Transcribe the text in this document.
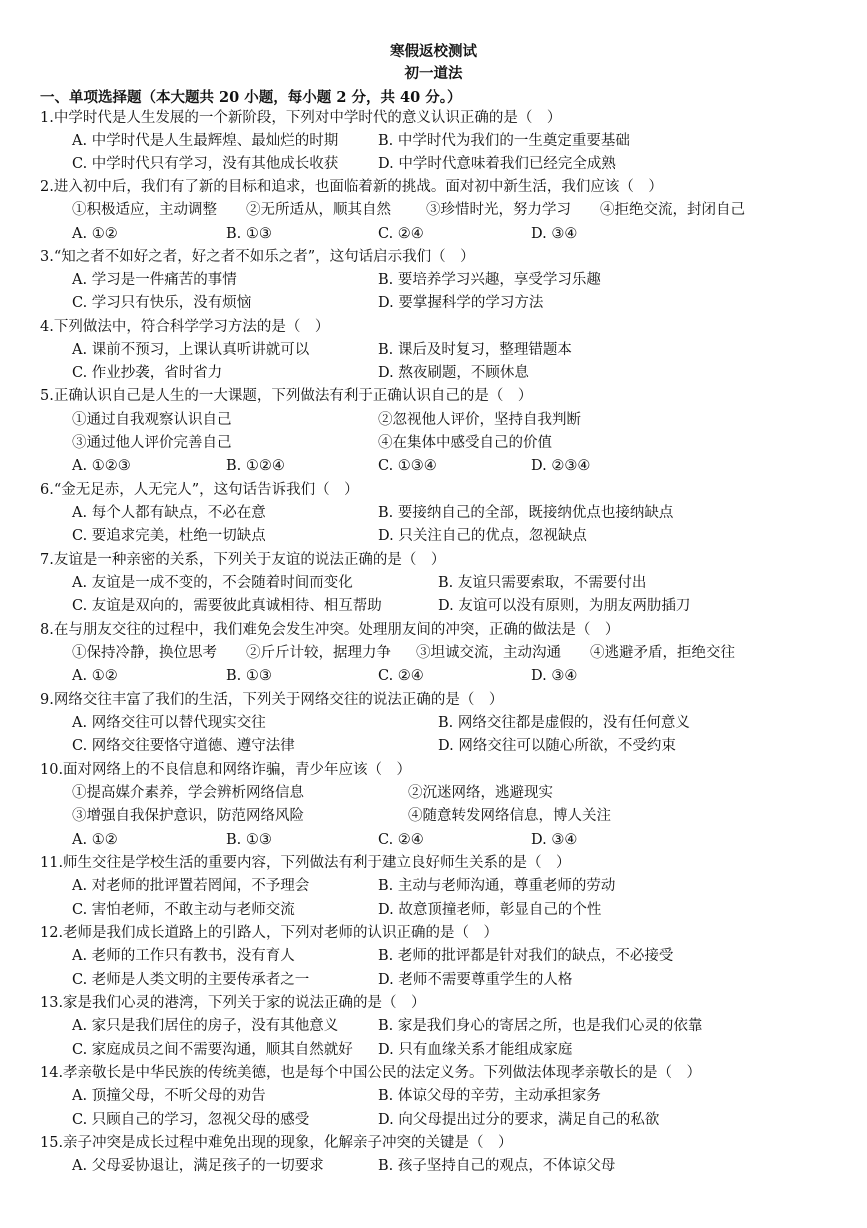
寒假返校测试
初一道法
一、单项选择题（本大题共 20 小题，每小题 2 分，共 40 分。）
1.中学时代是人生发展的一个新阶段，下列对中学时代的意义认识正确的是（　）
A. 中学时代是人生最辉煌、最灿烂的时期	B. 中学时代为我们的一生奠定重要基础
C. 中学时代只有学习，没有其他成长收获	D. 中学时代意味着我们已经完全成熟
2.进入初中后，我们有了新的目标和追求，也面临着新的挑战。面对初中新生活，我们应该（　）
①积极适应，主动调整 ②无所适从，顺其自然 ③珍惜时光，努力学习 ④拒绝交流，封闭自己
A. ①②	B. ①③	C. ②④	D. ③④
3.“知之者不如好之者，好之者不如乐之者”，这句话启示我们（　）
A. 学习是一件痛苦的事情	B. 要培养学习兴趣，享受学习乐趣
C. 学习只有快乐，没有烦恼	D. 要掌握科学的学习方法
4.下列做法中，符合科学学习方法的是（　）
A. 课前不预习，上课认真听讲就可以	B. 课后及时复习，整理错题本
C. 作业抄袭，省时省力	D. 熬夜刷题，不顾休息
5.正确认识自己是人生的一大课题，下列做法有利于正确认识自己的是（　）
①通过自我观察认识自己	②忽视他人评价，坚持自我判断
③通过他人评价完善自己	④在集体中感受自己的价值
A. ①②③	B. ①②④	C. ①③④	D. ②③④
6.“金无足赤，人无完人”，这句话告诉我们（　）
A. 每个人都有缺点，不必在意	B. 要接纳自己的全部，既接纳优点也接纳缺点
C. 要追求完美，杜绝一切缺点	D. 只关注自己的优点，忽视缺点
7.友谊是一种亲密的关系，下列关于友谊的说法正确的是（　）
A. 友谊是一成不变的，不会随着时间而变化	B. 友谊只需要索取，不需要付出
C. 友谊是双向的，需要彼此真诚相待、相互帮助	D. 友谊可以没有原则，为朋友两肋插刀
8.在与朋友交往的过程中，我们难免会发生冲突。处理朋友间的冲突，正确的做法是（　）
①保持冷静，换位思考 ②斤斤计较，据理力争 ③坦诚交流，主动沟通 ④逃避矛盾，拒绝交往
A. ①②	B. ①③	C. ②④	D. ③④
9.网络交往丰富了我们的生活，下列关于网络交往的说法正确的是（　）
A. 网络交往可以替代现实交往	B. 网络交往都是虚假的，没有任何意义
C. 网络交往要恪守道德、遵守法律	D. 网络交往可以随心所欲，不受约束
10.面对网络上的不良信息和网络诈骗，青少年应该（　）
①提高媒介素养，学会辨析网络信息	②沉迷网络，逃避现实
③增强自我保护意识，防范网络风险	④随意转发网络信息，博人关注
A. ①②	B. ①③	C. ②④	D. ③④
11.师生交往是学校生活的重要内容，下列做法有利于建立良好师生关系的是（　）
A. 对老师的批评置若罔闻，不予理会	B. 主动与老师沟通，尊重老师的劳动
C. 害怕老师，不敢主动与老师交流	D. 故意顶撞老师，彰显自己的个性
12.老师是我们成长道路上的引路人，下列对老师的认识正确的是（　）
A. 老师的工作只有教书，没有育人	B. 老师的批评都是针对我们的缺点，不必接受
C. 老师是人类文明的主要传承者之一	D. 老师不需要尊重学生的人格
13.家是我们心灵的港湾，下列关于家的说法正确的是（　）
A. 家只是我们居住的房子，没有其他意义	B. 家是我们身心的寄居之所，也是我们心灵的依靠
C. 家庭成员之间不需要沟通，顺其自然就好 D. 只有血缘关系才能组成家庭
14.孝亲敬长是中华民族的传统美德，也是每个中国公民的法定义务。下列做法体现孝亲敬长的是（　）
A. 顶撞父母，不听父母的劝告	B. 体谅父母的辛劳，主动承担家务
C. 只顾自己的学习，忽视父母的感受	D. 向父母提出过分的要求，满足自己的私欲
15.亲子冲突是成长过程中难免出现的现象，化解亲子冲突的关键是（　）
A. 父母妥协退让，满足孩子的一切要求	B. 孩子坚持自己的观点，不体谅父母
